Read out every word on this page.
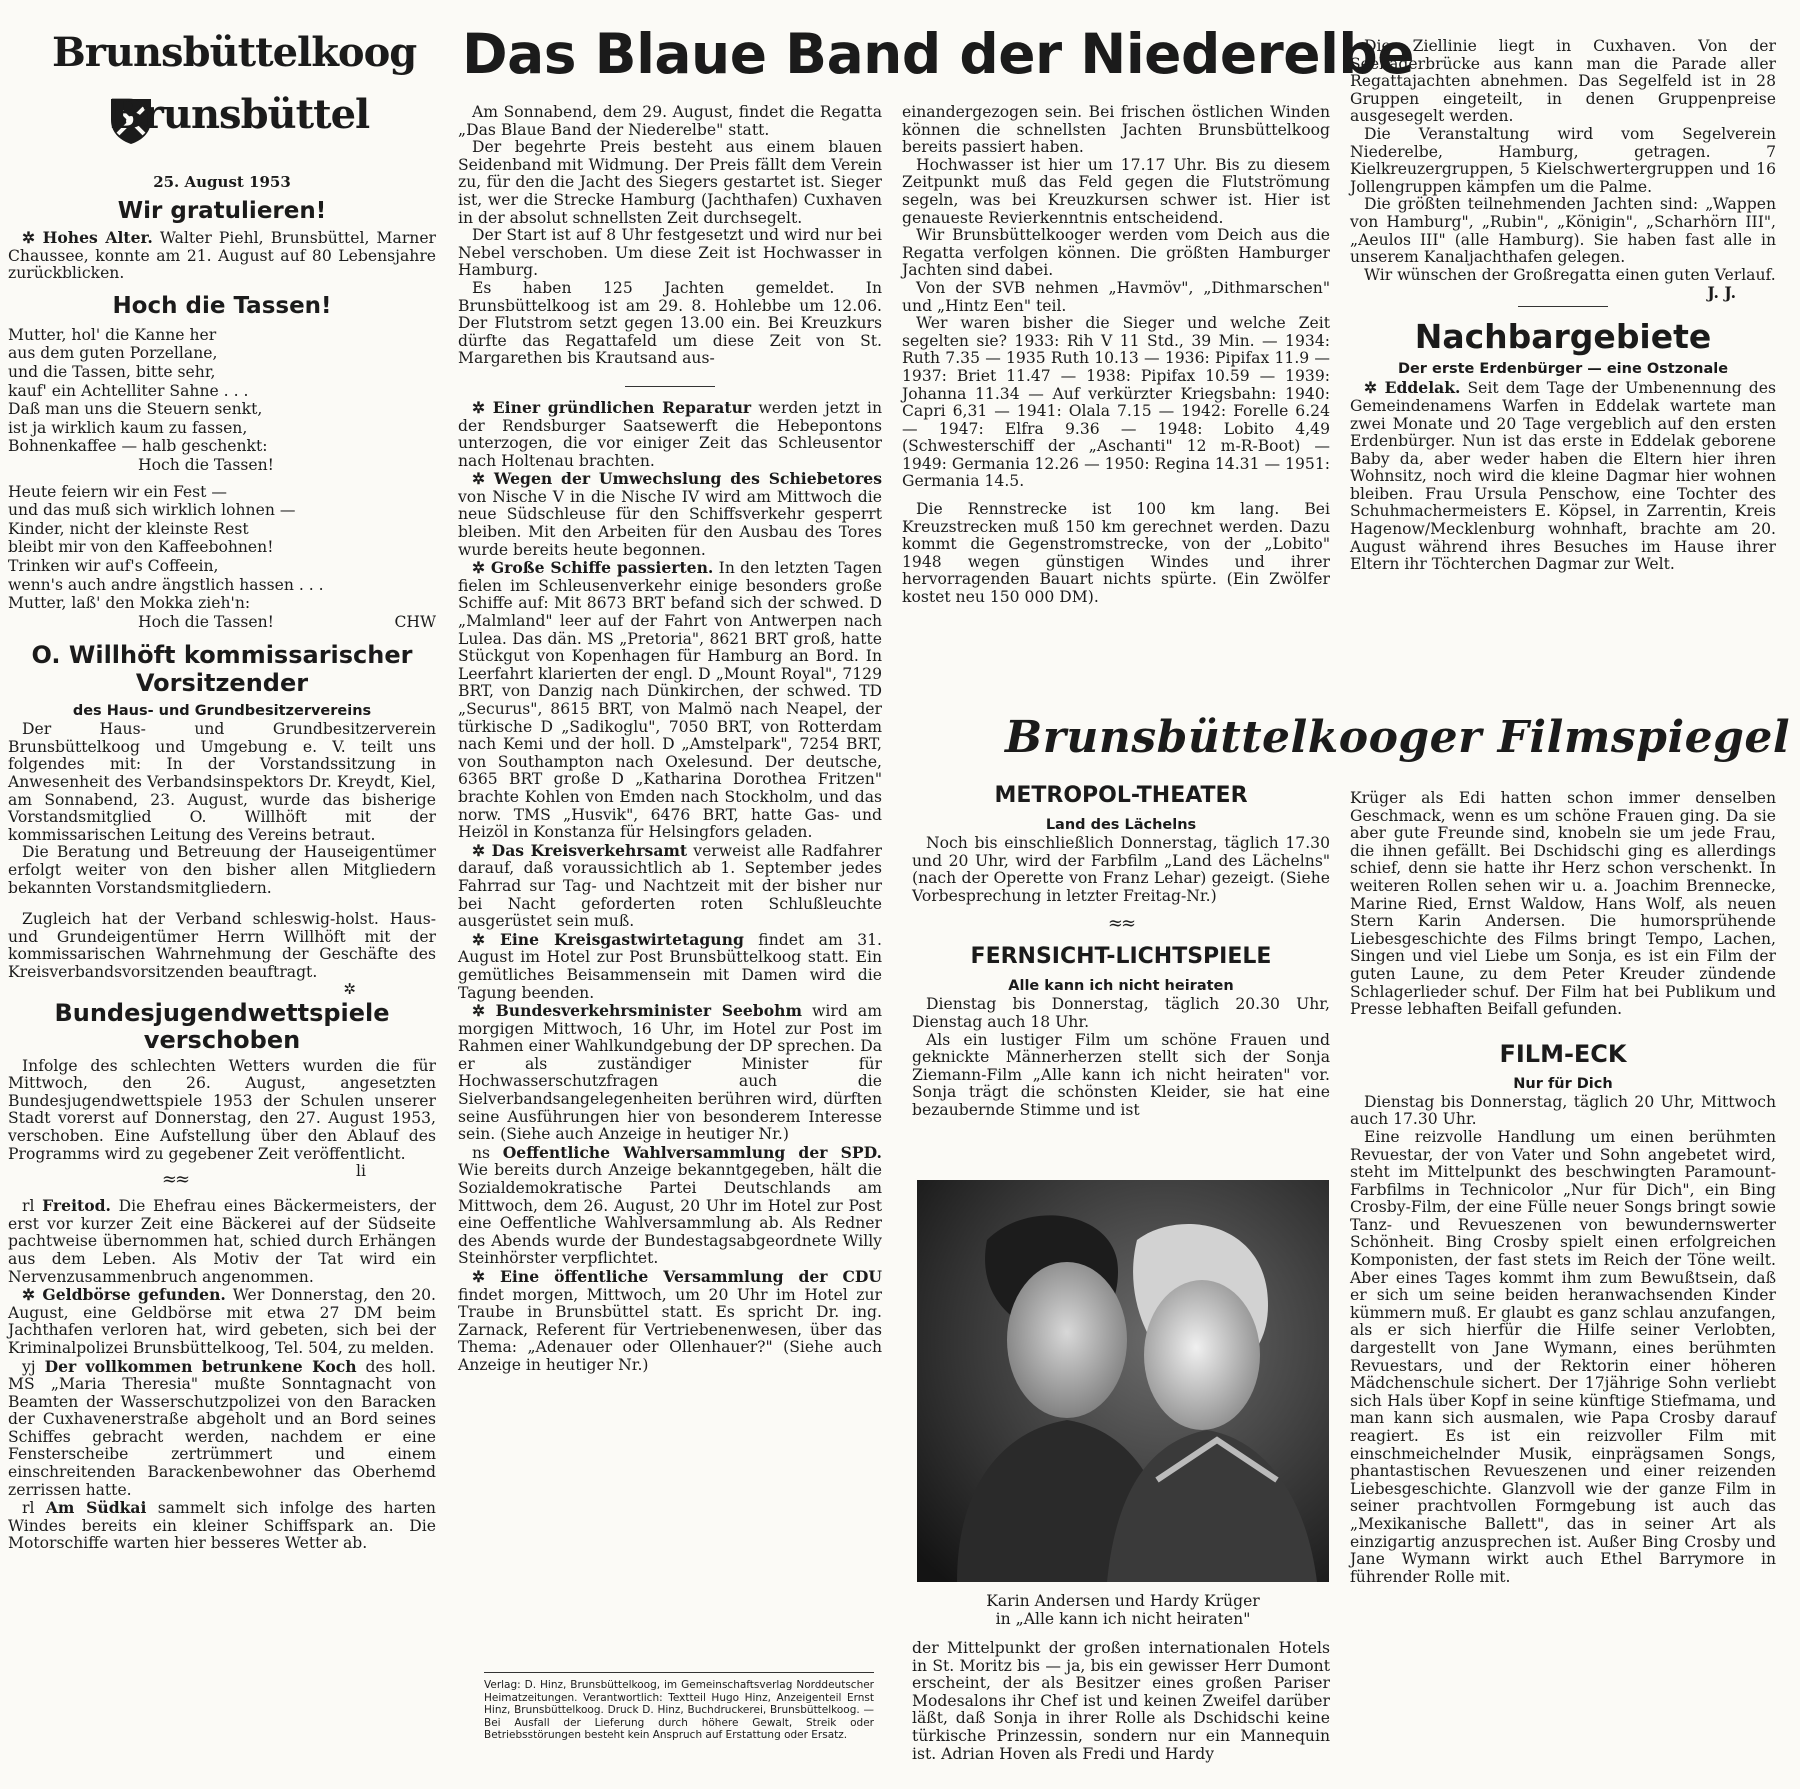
Brunsbüttelkoog
Brunsbüttel
Das Blaue Band der Niederelbe

25. August 1953

Wir gratulieren!

✲ Hohes Alter. Walter Piehl, Brunsbüttel, Marner Chaussee, konnte am 21. August auf 80 Lebensjahre zurückblicken.

Hoch die Tassen!

Mutter, hol' die Kanne her

aus dem guten Porzellane,

und die Tassen, bitte sehr,

kauf' ein Achtelliter Sahne . . .

Daß man uns die Steuern senkt,

ist ja wirklich kaum zu fassen,

Bohnenkaffee — halb geschenkt:

Hoch die Tassen!

Heute feiern wir ein Fest —

und das muß sich wirklich lohnen —

Kinder, nicht der kleinste Rest

bleibt mir von den Kaffeebohnen!

Trinken wir auf's Coffeein,

wenn's auch andre ängstlich hassen . . .

Mutter, laß' den Mokka zieh'n:

Hoch die Tassen!	CHW

O. Willhöft kommissarischer Vorsitzender

des Haus- und Grundbesitzervereins

Der Haus- und Grundbesitzerverein Brunsbüttelkoog und Umgebung e. V. teilt uns folgendes mit: In der Vorstandssitzung in Anwesenheit des Verbandsinspektors Dr. Kreydt, Kiel, am Sonnabend, 23. August, wurde das bisherige Vorstandsmitglied O. Willhöft mit der kommissarischen Leitung des Vereins betraut.

Die Beratung und Betreuung der Hauseigentümer erfolgt weiter von den bisher allen Mitgliedern bekannten Vorstandsmitgliedern.

Zugleich hat der Verband schleswig-holst. Haus- und Grundeigentümer Herrn Willhöft mit der kommissarischen Wahrnehmung der Geschäfte des Kreisverbandsvorsitzenden beauftragt.

✲

Bundesjugendwettspiele verschoben

Infolge des schlechten Wetters wurden die für Mittwoch, den 26. August, angesetzten Bundesjugendwettspiele 1953 der Schulen unserer Stadt vorerst auf Donnerstag, den 27. August 1953, verschoben. Eine Aufstellung über den Ablauf des Programms wird zu gegebener Zeit veröffentlicht.
li

≈≈

rl Freitod. Die Ehefrau eines Bäckermeisters, der erst vor kurzer Zeit eine Bäckerei auf der Südseite pachtweise übernommen hat, schied durch Erhängen aus dem Leben. Als Motiv der Tat wird ein Nervenzusammenbruch angenommen.

✲ Geldbörse gefunden. Wer Donnerstag, den 20. August, eine Geldbörse mit etwa 27 DM beim Jachthafen verloren hat, wird gebeten, sich bei der Kriminalpolizei Brunsbüttelkoog, Tel. 504, zu melden.

yj Der vollkommen betrunkene Koch des holl. MS „Maria Theresia" mußte Sonntagnacht von Beamten der Wasserschutzpolizei von den Baracken der Cuxhavenerstraße abgeholt und an Bord seines Schiffes gebracht werden, nachdem er eine Fensterscheibe zertrümmert und einem einschreitenden Barackenbewohner das Oberhemd zerrissen hatte.

rl Am Südkai sammelt sich infolge des harten Windes bereits ein kleiner Schiffspark an. Die Motorschiffe warten hier besseres Wetter ab.

Am Sonnabend, dem 29. August, findet die Regatta „Das Blaue Band der Niederelbe" statt.

Der begehrte Preis besteht aus einem blauen Seidenband mit Widmung. Der Preis fällt dem Verein zu, für den die Jacht des Siegers gestartet ist. Sieger ist, wer die Strecke Hamburg (Jachthafen) Cuxhaven in der absolut schnellsten Zeit durchsegelt.

Der Start ist auf 8 Uhr festgesetzt und wird nur bei Nebel verschoben. Um diese Zeit ist Hochwasser in Hamburg.

Es haben 125 Jachten gemeldet. In Brunsbüttelkoog ist am 29. 8. Hohlebbe um 12.06. Der Flutstrom setzt gegen 13.00 ein. Bei Kreuzkurs dürfte das Regattafeld um diese Zeit von St. Margarethen bis Krautsand aus-

✲ Einer gründlichen Reparatur werden jetzt in der Rendsburger Saatsewerft die Hebepontons unterzogen, die vor einiger Zeit das Schleusentor nach Holtenau brachten.

✲ Wegen der Umwechslung des Schiebetores von Nische V in die Nische IV wird am Mittwoch die neue Südschleuse für den Schiffsverkehr gesperrt bleiben. Mit den Arbeiten für den Ausbau des Tores wurde bereits heute begonnen.

✲ Große Schiffe passierten. In den letzten Tagen fielen im Schleusenverkehr einige besonders große Schiffe auf: Mit 8673 BRT befand sich der schwed. D „Malmland" leer auf der Fahrt von Antwerpen nach Lulea. Das dän. MS „Pretoria", 8621 BRT groß, hatte Stückgut von Kopenhagen für Hamburg an Bord. In Leerfahrt klarierten der engl. D „Mount Royal", 7129 BRT, von Danzig nach Dünkirchen, der schwed. TD „Securus", 8615 BRT, von Malmö nach Neapel, der türkische D „Sadikoglu", 7050 BRT, von Rotterdam nach Kemi und der holl. D „Amstelpark", 7254 BRT, von Southampton nach Oxelesund. Der deutsche, 6365 BRT große D „Katharina Dorothea Fritzen" brachte Kohlen von Emden nach Stockholm, und das norw. TMS „Husvik", 6476 BRT, hatte Gas- und Heizöl in Konstanza für Helsingfors geladen.

✲ Das Kreisverkehrsamt verweist alle Radfahrer darauf, daß voraussichtlich ab 1. September jedes Fahrrad sur Tag- und Nachtzeit mit der bisher nur bei Nacht geforderten roten Schlußleuchte ausgerüstet sein muß.

✲ Eine Kreisgastwirtetagung findet am 31. August im Hotel zur Post Brunsbüttelkoog statt. Ein gemütliches Beisammensein mit Damen wird die Tagung beenden.

✲ Bundesverkehrsminister Seebohm wird am morgigen Mittwoch, 16 Uhr, im Hotel zur Post im Rahmen einer Wahlkundgebung der DP sprechen. Da er als zuständiger Minister für Hochwasserschutzfragen auch die Sielverbandsangelegenheiten berühren wird, dürften seine Ausführungen hier von besonderem Interesse sein. (Siehe auch Anzeige in heutiger Nr.)

ns Oeffentliche Wahlversammlung der SPD. Wie bereits durch Anzeige bekanntgegeben, hält die Sozialdemokratische Partei Deutschlands am Mittwoch, dem 26. August, 20 Uhr im Hotel zur Post eine Oeffentliche Wahlversammlung ab. Als Redner des Abends wurde der Bundestagsabgeordnete Willy Steinhörster verpflichtet.

✲ Eine öffentliche Versammlung der CDU findet morgen, Mittwoch, um 20 Uhr im Hotel zur Traube in Brunsbüttel statt. Es spricht Dr. ing. Zarnack, Referent für Vertriebenenwesen, über das Thema: „Adenauer oder Ollenhauer?" (Siehe auch Anzeige in heutiger Nr.)

Verlag: D. Hinz, Brunsbüttelkoog, im Gemeinschaftsverlag Norddeutscher Heimatzeitungen. Verantwortlich: Textteil Hugo Hinz, Anzeigenteil Ernst Hinz, Brunsbüttelkoog. Druck D. Hinz, Buchdruckerei, Brunsbüttelkoog. — Bei Ausfall der Lieferung durch höhere Gewalt, Streik oder Betriebsstörungen besteht kein Anspruch auf Erstattung oder Ersatz.

einandergezogen sein. Bei frischen östlichen Winden können die schnellsten Jachten Brunsbüttelkoog bereits passiert haben.

Hochwasser ist hier um 17.17 Uhr. Bis zu diesem Zeitpunkt muß das Feld gegen die Flutströmung segeln, was bei Kreuzkursen schwer ist. Hier ist genaueste Revierkenntnis entscheidend.

Wir Brunsbüttelkooger werden vom Deich aus die Regatta verfolgen können. Die größten Hamburger Jachten sind dabei.

Von der SVB nehmen „Havmöv", „Dithmarschen" und „Hintz Een" teil.

Wer waren bisher die Sieger und welche Zeit segelten sie? 1933: Rih V 11 Std., 39 Min. — 1934: Ruth 7.35 — 1935 Ruth 10.13 — 1936: Pipifax 11.9 — 1937: Briet 11.47 — 1938: Pipifax 10.59 — 1939: Johanna 11.34 — Auf verkürzter Kriegsbahn: 1940: Capri 6,31 — 1941: Olala 7.15 — 1942: Forelle 6.24 — 1947: Elfra 9.36 — 1948: Lobito 4,49 (Schwesterschiff der „Aschanti" 12 m-R-Boot) — 1949: Germania 12.26 — 1950: Regina 14.31 — 1951: Germania 14.5.

Die Rennstrecke ist 100 km lang. Bei Kreuzstrecken muß 150 km gerechnet werden. Dazu kommt die Gegenstromstrecke, von der „Lobito" 1948 wegen günstigen Windes und ihrer hervorragenden Bauart nichts spürte. (Ein Zwölfer kostet neu 150 000 DM).

Die Ziellinie liegt in Cuxhaven. Von der Seebäderbrücke aus kann man die Parade aller Regattajachten abnehmen. Das Segelfeld ist in 28 Gruppen eingeteilt, in denen Gruppenpreise ausgesegelt werden.

Die Veranstaltung wird vom Segelverein Niederelbe, Hamburg, getragen. 7 Kielkreuzergruppen, 5 Kielschwertergruppen und 16 Jollengruppen kämpfen um die Palme.

Die größten teilnehmenden Jachten sind: „Wappen von Hamburg", „Rubin", „Königin", „Scharhörn III", „Aeulos III" (alle Hamburg). Sie haben fast alle in unserem Kanaljachthafen gelegen.

Wir wünschen der Großregatta einen guten Verlauf.

J. J.

Nachbargebiete

Der erste Erdenbürger — eine Ostzonale

✲ Eddelak. Seit dem Tage der Umbenennung des Gemeindenamens Warfen in Eddelak wartete man zwei Monate und 20 Tage vergeblich auf den ersten Erdenbürger. Nun ist das erste in Eddelak geborene Baby da, aber weder haben die Eltern hier ihren Wohnsitz, noch wird die kleine Dagmar hier wohnen bleiben. Frau Ursula Penschow, eine Tochter des Schuhmachermeisters E. Köpsel, in Zarrentin, Kreis Hagenow/Mecklenburg wohnhaft, brachte am 20. August während ihres Besuches im Hause ihrer Eltern ihr Töchterchen Dagmar zur Welt.

Brunsbüttelkooger Filmspiegel
METROPOL-THEATER

Land des Lächelns

Noch bis einschließlich Donnerstag, täglich 17.30 und 20 Uhr, wird der Farbfilm „Land des Lächelns" (nach der Operette von Franz Lehar) gezeigt. (Siehe Vorbesprechung in letzter Freitag-Nr.)

≈≈

FERNSICHT-LICHTSPIELE

Alle kann ich nicht heiraten

Dienstag bis Donnerstag, täglich 20.30 Uhr, Dienstag auch 18 Uhr.

Als ein lustiger Film um schöne Frauen und geknickte Männerherzen stellt sich der Sonja Ziemann-Film „Alle kann ich nicht heiraten" vor. Sonja trägt die schönsten Kleider, sie hat eine bezaubernde Stimme und ist

Karin Andersen und Hardy Krüger

in „Alle kann ich nicht heiraten"

der Mittelpunkt der großen internationalen Hotels in St. Moritz bis — ja, bis ein gewisser Herr Dumont erscheint, der als Besitzer eines großen Pariser Modesalons ihr Chef ist und keinen Zweifel darüber läßt, daß Sonja in ihrer Rolle als Dschidschi keine türkische Prinzessin, sondern nur ein Mannequin ist. Adrian Hoven als Fredi und Hardy

Krüger als Edi hatten schon immer denselben Geschmack, wenn es um schöne Frauen ging. Da sie aber gute Freunde sind, knobeln sie um jede Frau, die ihnen gefällt. Bei Dschidschi ging es allerdings schief, denn sie hatte ihr Herz schon verschenkt. In weiteren Rollen sehen wir u. a. Joachim Brennecke, Marine Ried, Ernst Waldow, Hans Wolf, als neuen Stern Karin Andersen. Die humorsprühende Liebesgeschichte des Films bringt Tempo, Lachen, Singen und viel Liebe um Sonja, es ist ein Film der guten Laune, zu dem Peter Kreuder zündende Schlagerlieder schuf. Der Film hat bei Publikum und Presse lebhaften Beifall gefunden.

FILM-ECK

Nur für Dich

Dienstag bis Donnerstag, täglich 20 Uhr, Mittwoch auch 17.30 Uhr.

Eine reizvolle Handlung um einen berühmten Revuestar, der von Vater und Sohn angebetet wird, steht im Mittelpunkt des beschwingten Paramount-Farbfilms in Technicolor „Nur für Dich", ein Bing Crosby-Film, der eine Fülle neuer Songs bringt sowie Tanz- und Revueszenen von bewundernswerter Schönheit. Bing Crosby spielt einen erfolgreichen Komponisten, der fast stets im Reich der Töne weilt. Aber eines Tages kommt ihm zum Bewußtsein, daß er sich um seine beiden heranwachsenden Kinder kümmern muß. Er glaubt es ganz schlau anzufangen, als er sich hierfür die Hilfe seiner Verlobten, dargestellt von Jane Wymann, eines berühmten Revuestars, und der Rektorin einer höheren Mädchenschule sichert. Der 17jährige Sohn verliebt sich Hals über Kopf in seine künftige Stiefmama, und man kann sich ausmalen, wie Papa Crosby darauf reagiert. Es ist ein reizvoller Film mit einschmeichelnder Musik, einprägsamen Songs, phantastischen Revueszenen und einer reizenden Liebesgeschichte. Glanzvoll wie der ganze Film in seiner prachtvollen Formgebung ist auch das „Mexikanische Ballett", das in seiner Art als einzigartig anzusprechen ist. Außer Bing Crosby und Jane Wymann wirkt auch Ethel Barrymore in führender Rolle mit.
